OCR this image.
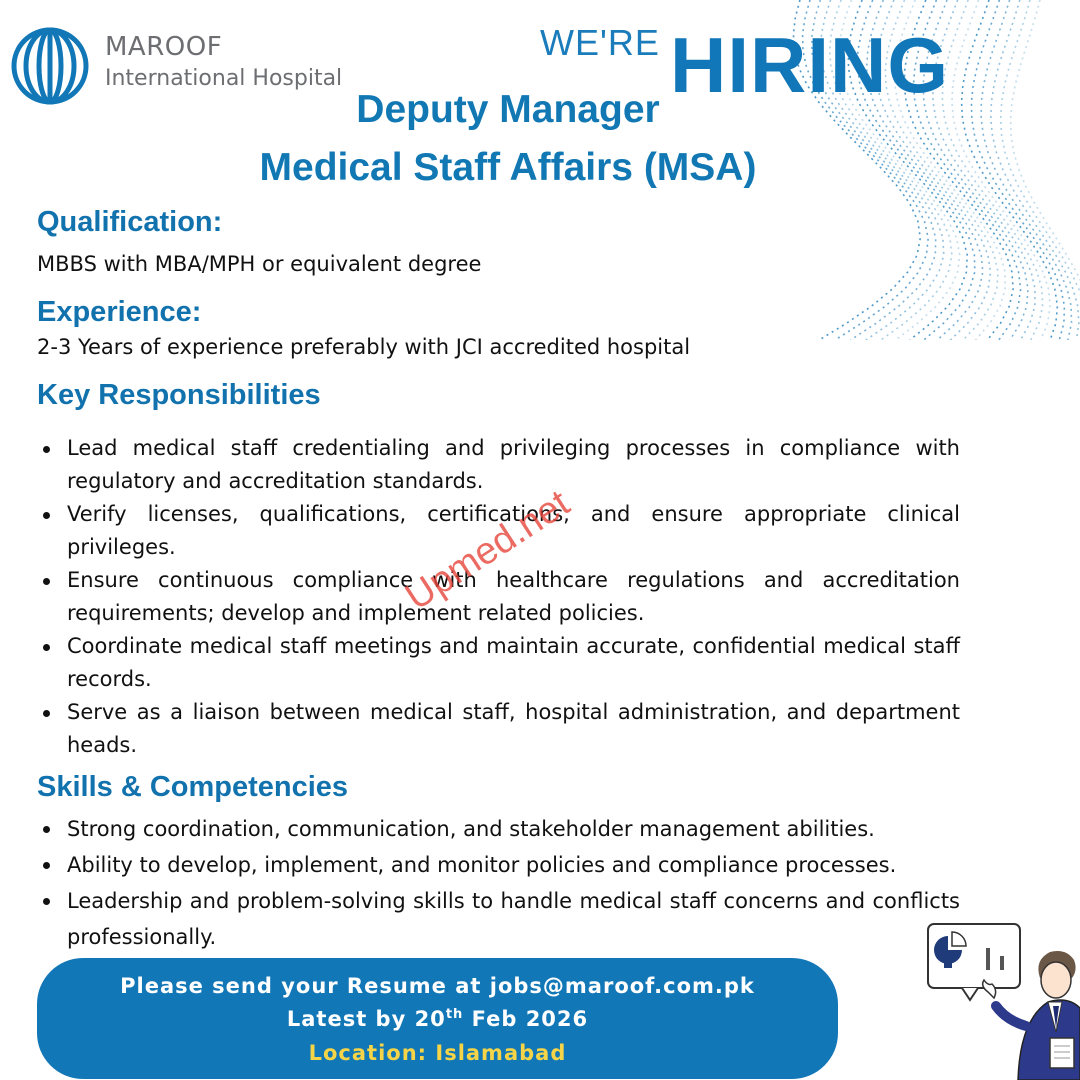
MAROOF
International Hospital
WE'RE HIRING
Deputy Manager
Medical Staff Affairs (MSA)
Qualification:
MBBS with MBA/MPH or equivalent degree
Experience:
2-3 Years of experience preferably with JCI accredited hospital
Key Responsibilities
Lead medical staff credentialing and privileging processes in compliance with regulatory and accreditation standards.
Verify licenses, qualifications, certifications, and ensure appropriate clinical privileges.
Ensure continuous compliance with healthcare regulations and accreditation requirements; develop and implement related policies.
Coordinate medical staff meetings and maintain accurate, confidential medical staff records.
Serve as a liaison between medical staff, hospital administration, and department heads.
Skills & Competencies
Strong coordination, communication, and stakeholder management abilities.
Ability to develop, implement, and monitor policies and compliance processes.
Leadership and problem-solving skills to handle medical staff concerns and conflicts professionally.
Upmed.net
Please send your Resume at jobs@maroof.com.pk
Latest by 20th Feb 2026
Location: Islamabad
